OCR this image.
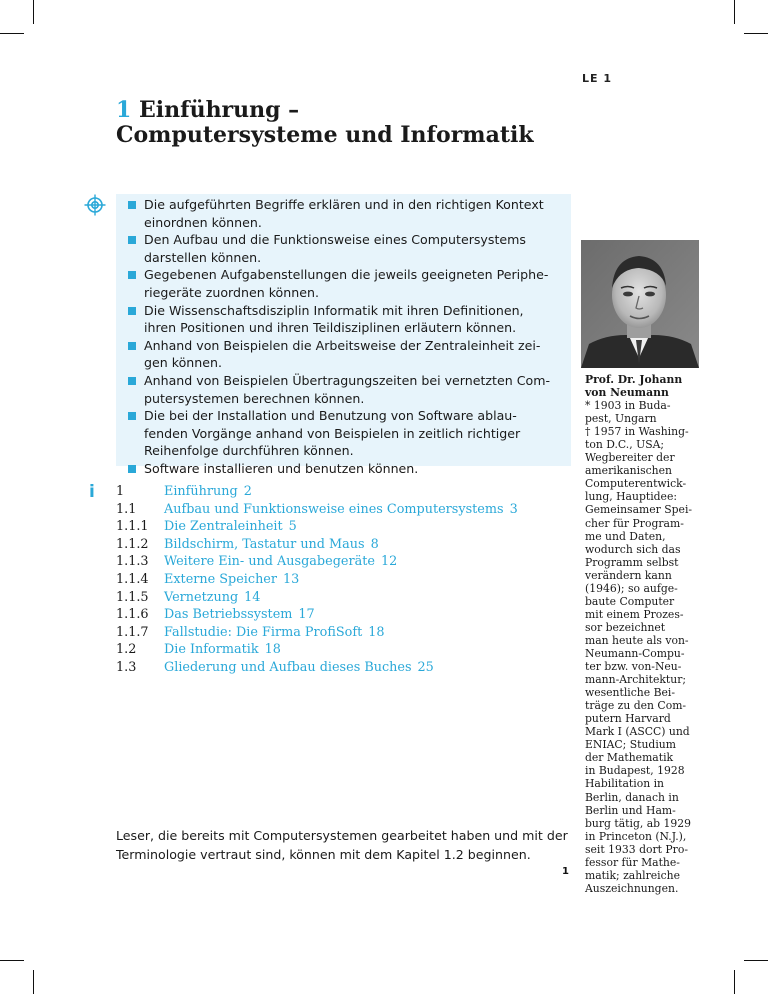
LE 1
1 Einführung –
Computersysteme und Informatik
Die aufgeführten Begriffe erklären und in den richtigen Kontext
einordnen können.
Den Aufbau und die Funktionsweise eines Computersystems
darstellen können.
Gegebenen Aufgabenstellungen die jeweils geeigneten Periphe-
riegeräte zuordnen können.
Die Wissenschaftsdisziplin Informatik mit ihren Definitionen,
ihren Positionen und ihren Teildisziplinen erläutern können.
Anhand von Beispielen die Arbeitsweise der Zentraleinheit zei-
gen können.
Anhand von Beispielen Übertragungszeiten bei vernetzten Com-
putersystemen berechnen können.
Die bei der Installation und Benutzung von Software ablau-
fenden Vorgänge anhand von Beispielen in zeitlich richtiger
Reihenfolge durchführen können.
Software installieren und benutzen können.
i 1	Einführung 2
1.1	Aufbau und Funktionsweise eines Computersystems 3
1.1.1	Die Zentraleinheit 5
1.1.2	Bildschirm, Tastatur und Maus 8
1.1.3	Weitere Ein- und Ausgabegeräte 12
1.1.4	Externe Speicher 13
1.1.5	Vernetzung 14
1.1.6	Das Betriebssystem 17
1.1.7	Fallstudie: Die Firma ProfiSoft 18
1.2	Die Informatik 18
1.3	Gliederung und Aufbau dieses Buches 25
Leser, die bereits mit Computersystemen gearbeitet haben und mit der
Terminologie vertraut sind, können mit dem Kapitel 1.2 beginnen.
1
Prof. Dr. Johann
von Neumann
* 1903 in Buda-
pest, Ungarn
† 1957 in Washing-
ton D.C., USA;
Wegbereiter der
amerikanischen
Computerentwick-
lung, Hauptidee:
Gemeinsamer Spei-
cher für Program-
me und Daten,
wodurch sich das
Programm selbst
verändern kann
(1946); so aufge-
baute Computer
mit einem Prozes-
sor bezeichnet
man heute als von-
Neumann-Compu-
ter bzw. von-Neu-
mann-Architektur;
wesentliche Bei-
träge zu den Com-
putern Harvard
Mark I (ASCC) und
ENIAC; Studium
der Mathematik
in Budapest, 1928
Habilitation in
Berlin, danach in
Berlin und Ham-
burg tätig, ab 1929
in Princeton (N.J.),
seit 1933 dort Pro-
fessor für Mathe-
matik; zahlreiche
Auszeichnungen.
